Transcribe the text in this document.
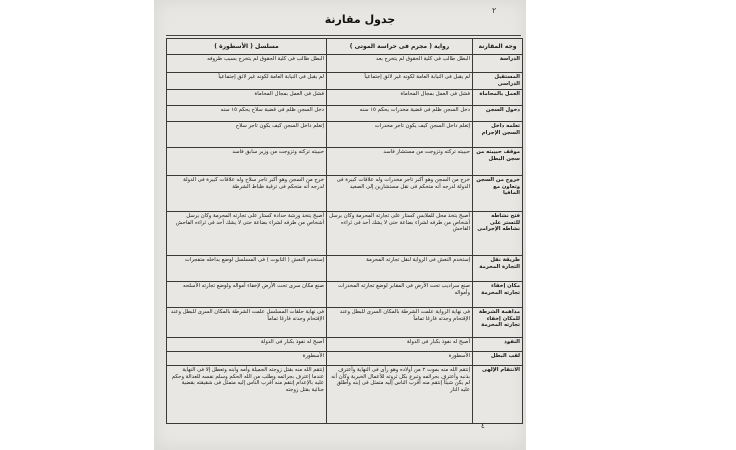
جدول مقارنة
٢
وجه المقارنة	رواية ( مجرم فى حراسة الموتى )	مسلسل ( الأسطورة )
الدراسة	البطل طالب فى كلية الحقوق لم يتخرج بعد	البطل طالب فى كلية الحقوق لم يتخرج بسبب ظروفه
المستقبل الدراسى	لم يقبل فى النيابة العامة لكونه غير لائق إجتماعياً	لم يقبل فى النيابة العامة لكونه غير لائق إجتماعياً
العمل بالمحاماة	فشل فى العمل بمجال المحاماة	فشل فى العمل بمجال المحاماة
دخول السجن	دخل السجن ظلم فى قضية مخدرات يحكم ١٥ سنه	دخل السجن ظلم فى قضية سلاح يحكم ١٥ سنه
تعلمه داخل السجن الإجرام	إتعلم داخل السجن كيف يكون تاجر مخدرات	إتعلم داخل السجن كيف يكون تاجر سلاح
موقف حبيبته من سجن البطل	حبيبته تركته وتزوجت من مستشار فاسد	حبيبته تركته وتزوجت من وزير سابق فاسد
خروج من السجن وتعاون مع المافيا	خرج من السجن وهو أكبر تاجر مخدرات وله علاقات كبيرة فى الدولة لدرجه أنه متحكم فى نقل مستشارين إلى الصعيد	خرج من السجن وهو أكبر تاجر سلاح وله علاقات كبيرة فى الدولة لدرجه أنه متحكم فى ترقية ظباط الشرطة
فتح نشاطه للتستر على نشاطه الإجرامى	أصبح يتخذ محل للملابس كستار على تجارته المحرمة وكان يرسل أشخاص من طرفه لشراء بضاعة حتى لا يشك أحد فى ثراءه الفاحش	أصبح يتخذ ورشة حدادة كستار على تجارته المحرمة وكان يرسل أشخاص من طرفه لشراء بضاعة حتى لا يشك أحد فى ثراءه الفاحش
طريقة نقل التجارة المحرمة	إستخدم النعش فى الرواية لنقل تجارته المحرمة	إستخدم النعش ( التابوت ) فى المسلسل لوضع بداخله متفجرات
مكان إخفاء تجارته المحرمة	صنع سراديب تحت الأرض فى المقابر لوضع تجارته المخدرات وأمواله	صنع مكان سرى تحت الأرض لإخفاء أمواله ولوضع تجارته الأسلحه
مداهمة الشرطة للمكان إخفاء تجارته المحرمة	فى نهاية الرواية علمت الشرطة بالمكان السرى للبطل وعند الإقتحام وجدته فارغا تماماً	فى نهاية حلقات المسلسل علمت الشرطة بالمكان السرى للبطل وعند الإقتحام وجدته فارغا تماماً
النفوذ	أصبح له نفوذ بكبار فى الدولة	أصبح له نفوذ بكبار فى الدولة
لقب البطل	الأسطورة	الأسطورة
الانتقام الإلهى	إنتقم الله منه بموت ٢ من أولاده وهو رأى فى النهاية وأعترف بذنبه وأعترف بجرائمه وتبرع بكل ثروته للأعمال الخيرية وكأن أنه لم يكن شيئاً إنتقم منه أقرب الناس إليه متمثل فى إبنه وأطلق عليه النار	إنتقم الله منه بقتل زوجته الجميلة وأمه وابنه وتعطل إلا فى النهاية عندما إعترف بجرائمه وطلب من الله الحكم وسلم نفسه للعدالة وحكم عليه بالإعدام إنتقم منه أقرب الناس إليه متمثل فى شقيقته بقضية جنائية بقتل زوجته
٤
